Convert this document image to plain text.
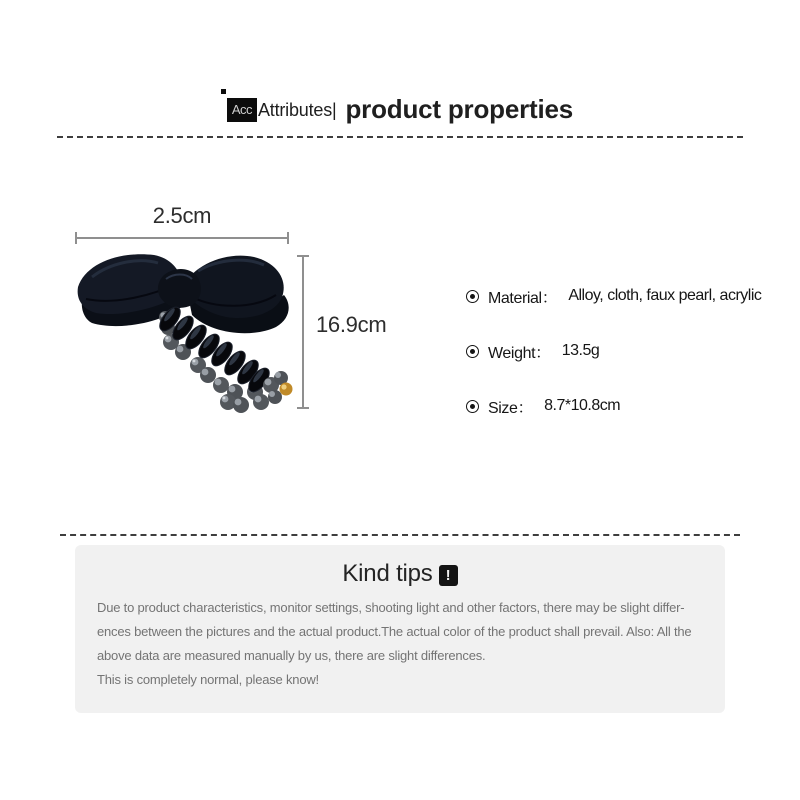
Acc Attributes| product properties
2.5cm
16.9cm
Material： Alloy, cloth, faux pearl, acrylic
Weight： 13.5g
Size： 8.7*10.8cm
Kind tips !
Due to product characteristics, monitor settings, shooting light and other factors, there may be slight differ-
ences between the pictures and the actual product.The actual color of the product shall prevail. Also: All the
above data are measured manually by us, there are slight differences.
This is completely normal, please know!
